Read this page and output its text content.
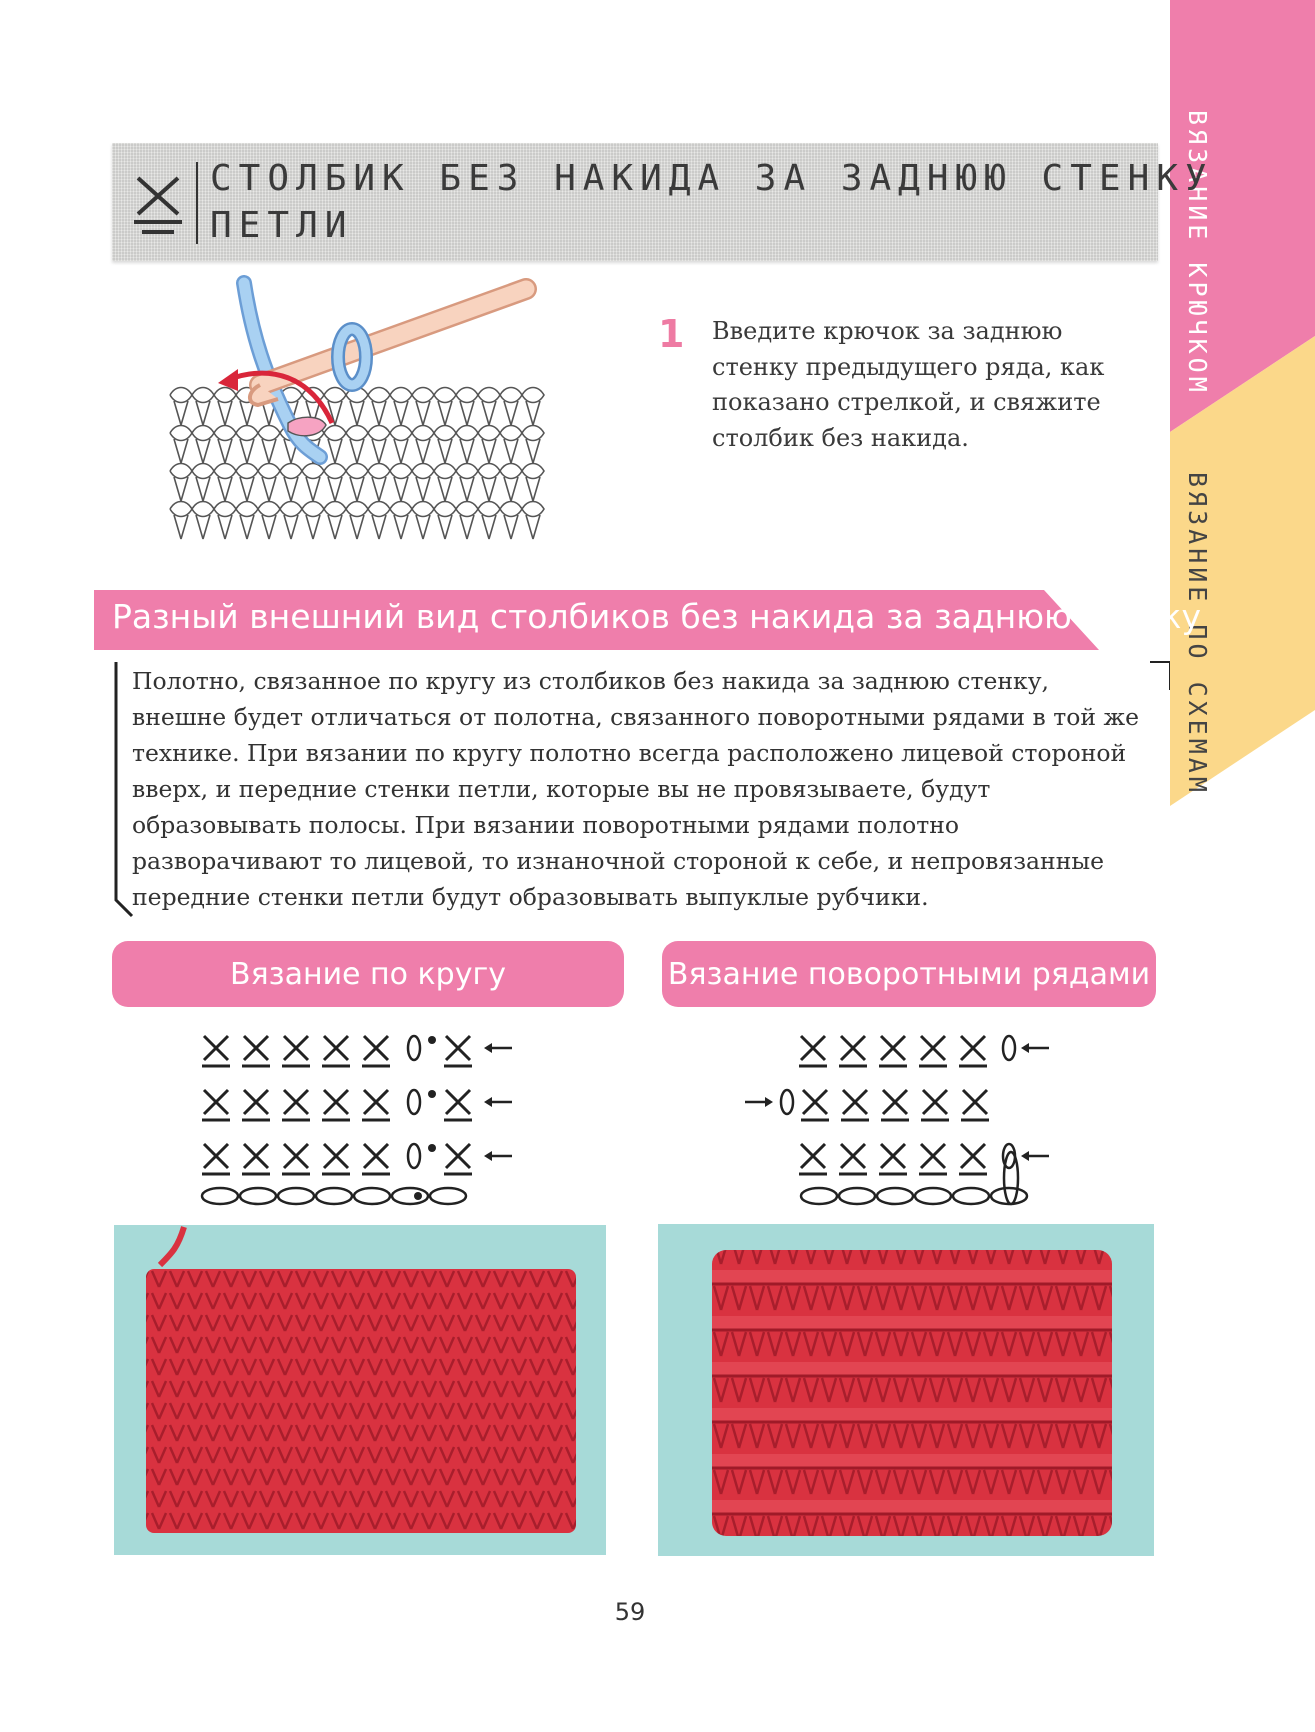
ВЯЗАНИЕ КРЮЧКОМ
ВЯЗАНИЕ ПО СХЕМАМ
СТОЛБИК БЕЗ НАКИДА ЗА ЗАДНЮЮ СТЕНКУ
ПЕТЛИ
1 Введите крючок за заднюю стенку предыдущего ряда, как показано стрелкой, и свяжите столбик без накида.
Разный внешний вид столбиков без накида за заднюю стенку

Полотно, связанное по кругу из столбиков без накида за заднюю стенку, внешне будет отличаться от полотна, связанного поворотными рядами в той же технике. При вязании по кругу полотно всегда расположено лицевой стороной вверх, и передние стенки петли, которые вы не провязываете, будут образовывать полосы. При вязании поворотными рядами полотно разворачивают то лицевой, то изнаночной стороной к себе, и непровязанные передние стенки петли будут образовывать выпуклые рубчики.

Вязание по кругу	Вязание поворотными рядами
59
